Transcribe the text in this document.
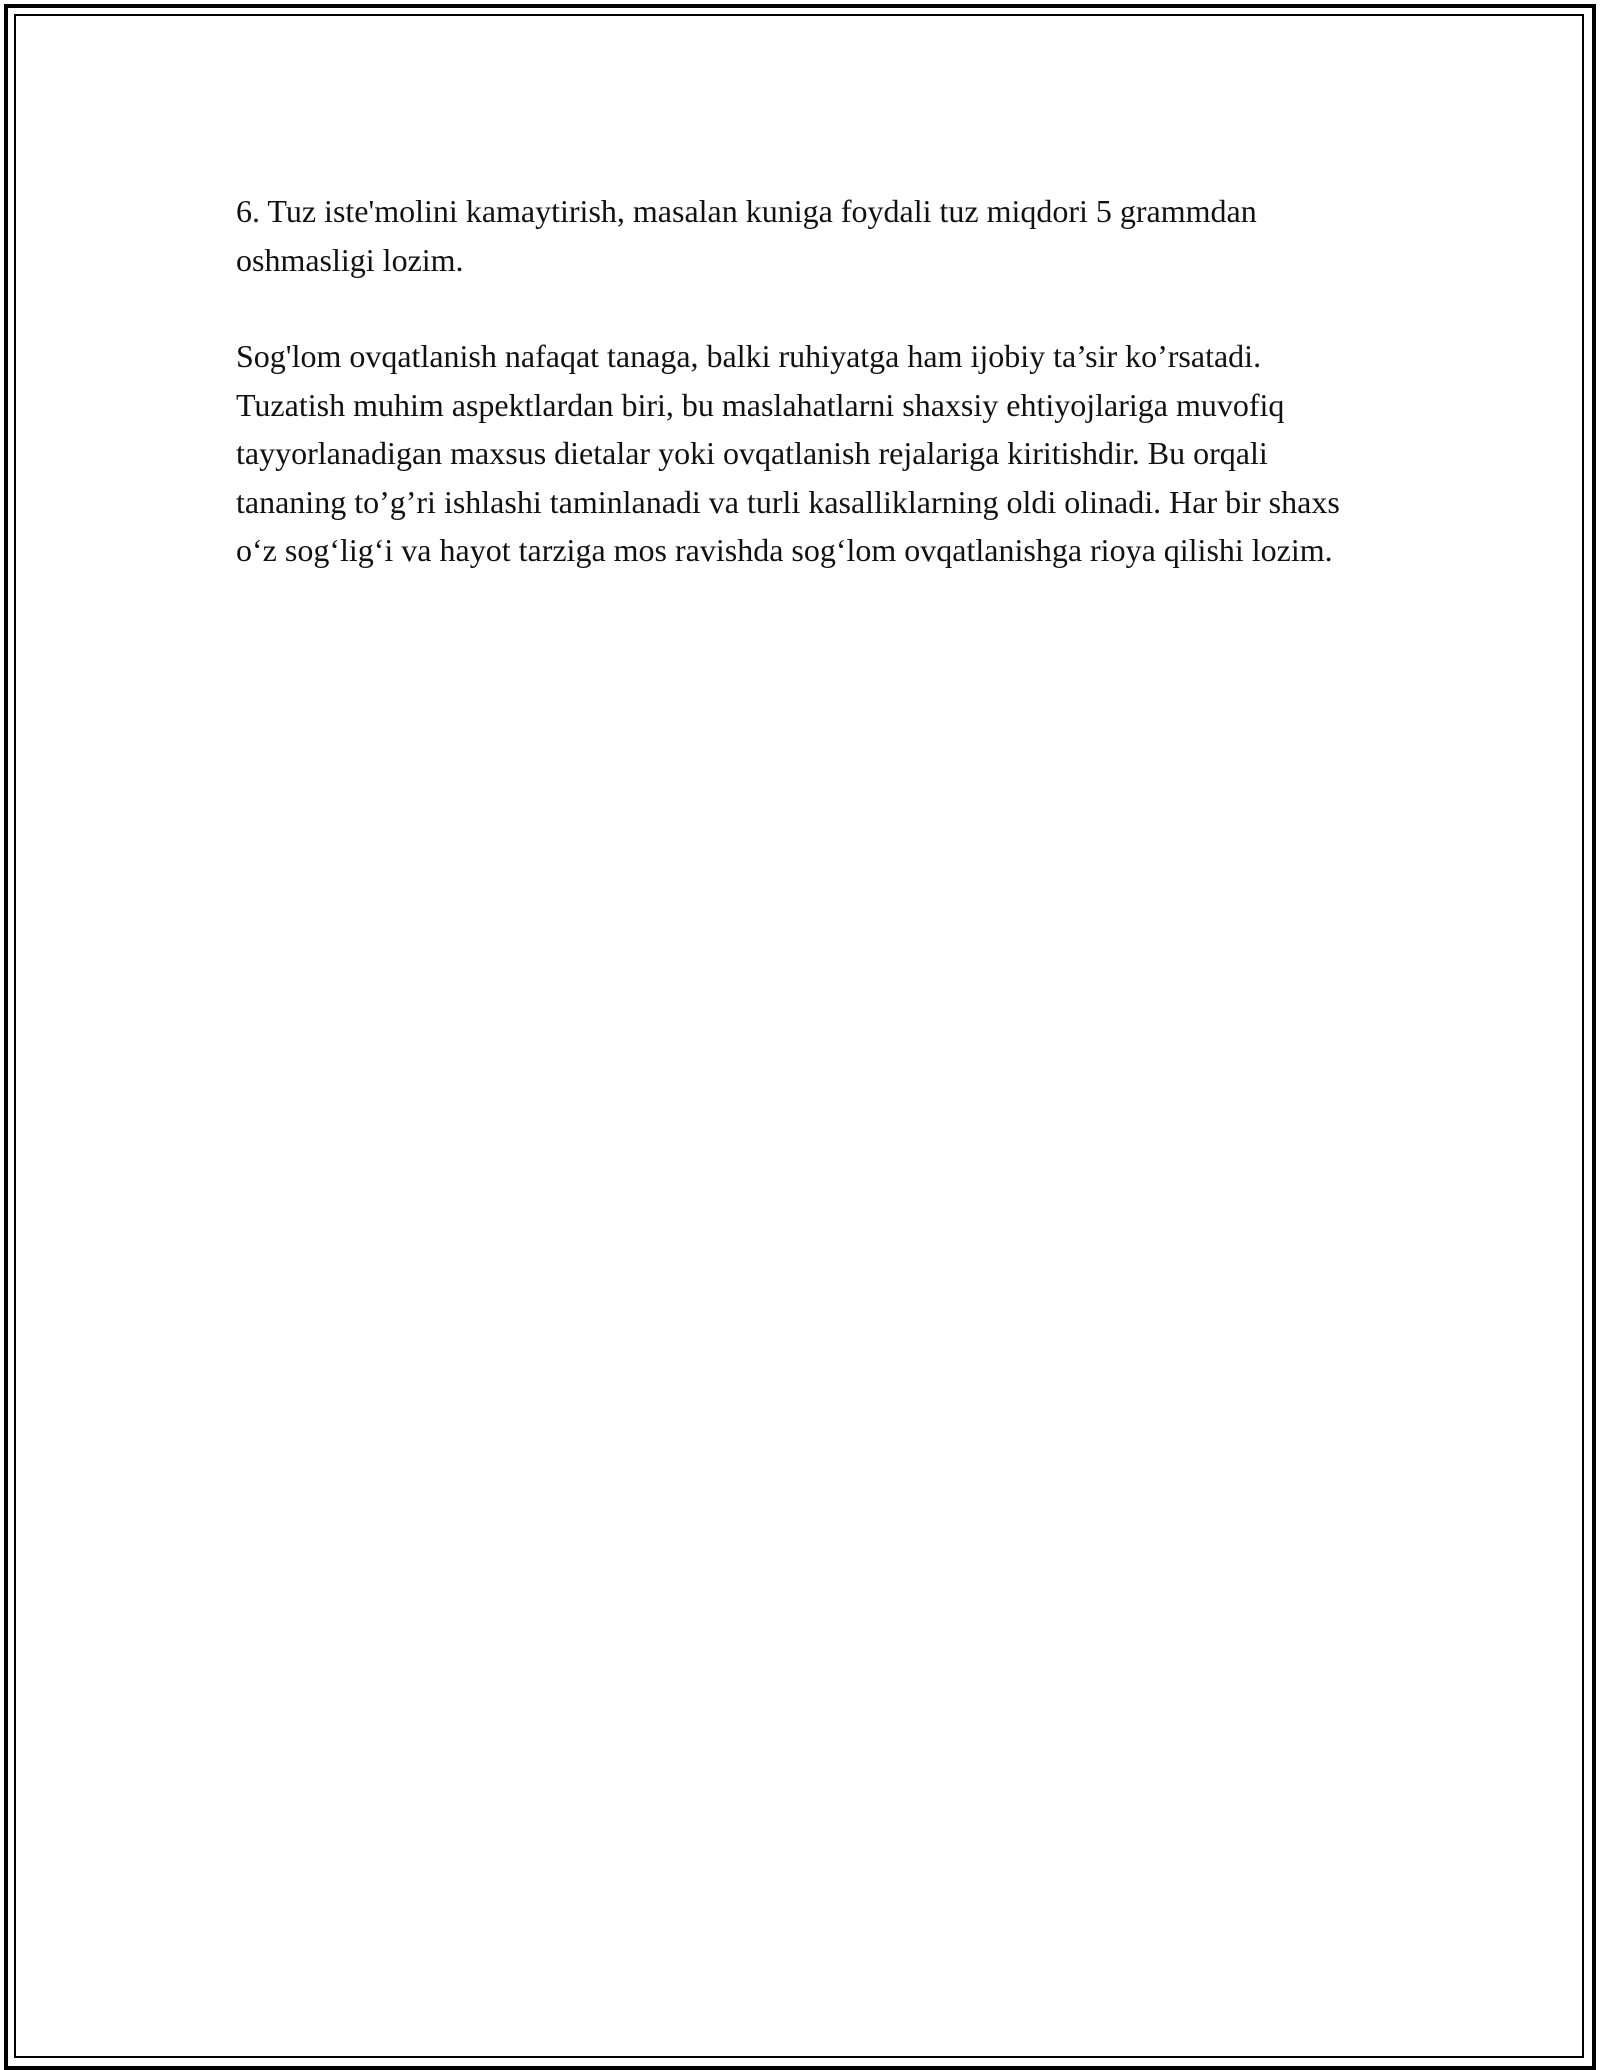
6. Tuz iste'molini kamaytirish, masalan kuniga foydali tuz miqdori 5 grammdan oshmasligi lozim.

Sog'lom ovqatlanish nafaqat tanaga, balki ruhiyatga ham ijobiy ta’sir ko’rsatadi. Tuzatish muhim aspektlardan biri, bu maslahatlarni shaxsiy ehtiyojlariga muvofiq tayyorlanadigan maxsus dietalar yoki ovqatlanish rejalariga kiritishdir. Bu orqali tananing to’g’ri ishlashi taminlanadi va turli kasalliklarning oldi olinadi. Har bir shaxs o‘z sog‘lig‘i va hayot tarziga mos ravishda sog‘lom ovqatlanishga rioya qilishi lozim.
